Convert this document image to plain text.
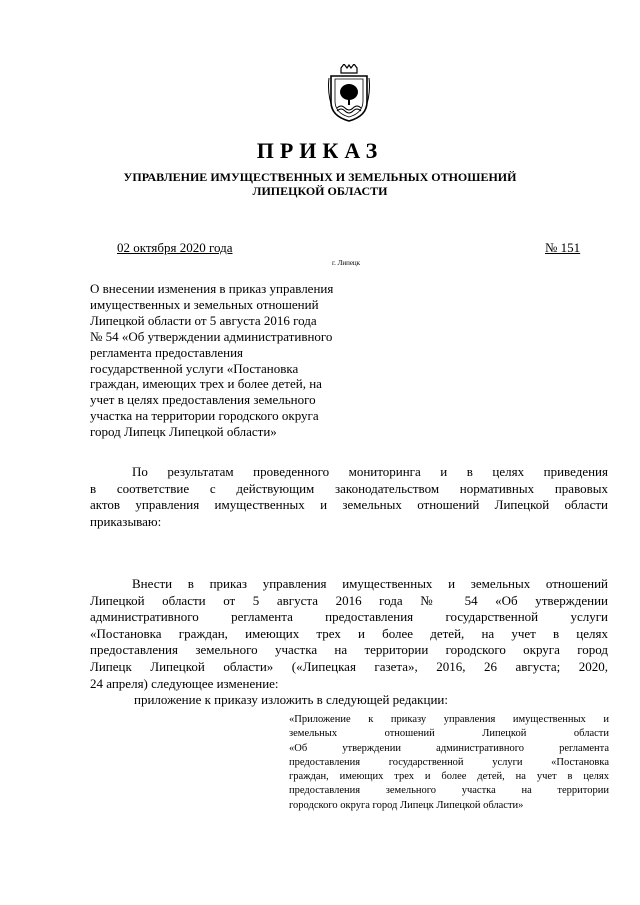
ПРИКАЗ
УПРАВЛЕНИЕ ИМУЩЕСТВЕННЫХ И ЗЕМЕЛЬНЫХ ОТНОШЕНИЙ
ЛИПЕЦКОЙ ОБЛАСТИ
02 октября 2020 года	№ 151
г. Липецк
О внесении изменения в приказ управления
имущественных и земельных отношений
Липецкой области от 5 августа 2016 года
№ 54 «Об утверждении административного
регламента предоставления
государственной услуги «Постановка
граждан, имеющих трех и более детей, на
учет в целях предоставления земельного
участка на территории городского округа
город Липецк Липецкой области»
По результатам проведенного мониторинга и в целях приведения
в соответствие с действующим законодательством нормативных правовых
актов управления имущественных и земельных отношений Липецкой области
приказываю:
Внести в приказ управления имущественных и земельных отношений
Липецкой области от 5 августа 2016 года № 54 «Об утверждении
административного регламента предоставления государственной услуги
«Постановка граждан, имеющих трех и более детей, на учет в целях
предоставления земельного участка на территории городского округа город
Липецк Липецкой области» («Липецкая газета», 2016, 26 августа; 2020,
24 апреля) следующее изменение:
приложение к приказу изложить в следующей редакции:
«Приложение к приказу управления имущественных и
земельных отношений Липецкой области
«Об утверждении административного регламента
предоставления государственной услуги «Постановка
граждан, имеющих трех и более детей, на учет в целях
предоставления земельного участка на территории
городского округа город Липецк Липецкой области»
